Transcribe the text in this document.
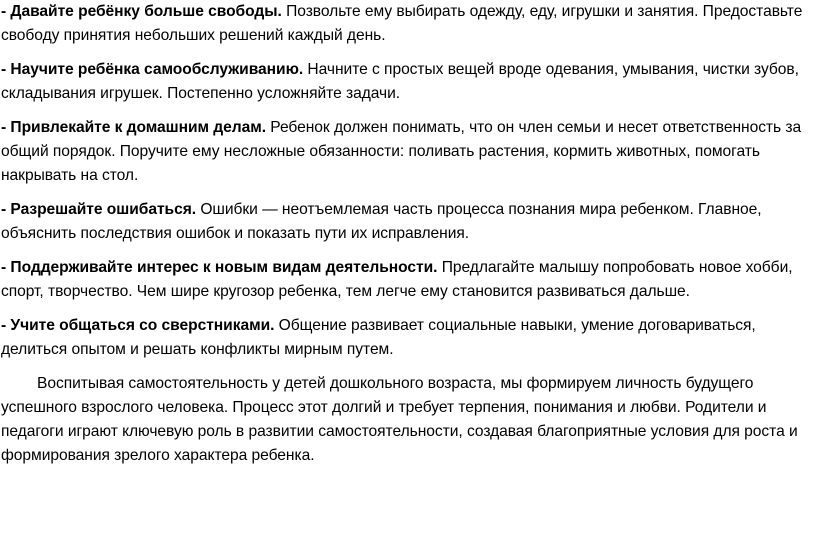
- Давайте ребёнку больше свободы. Позвольте ему выбирать одежду, еду, игрушки и занятия. Предоставьте свободу принятия небольших решений каждый день.

- Научите ребёнка самообслуживанию. Начните с простых вещей вроде одевания, умывания, чистки зубов, складывания игрушек. Постепенно усложняйте задачи.

- Привлекайте к домашним делам. Ребенок должен понимать, что он член семьи и несет ответственность за общий порядок. Поручите ему несложные обязанности: поливать растения, кормить животных, помогать накрывать на стол.

- Разрешайте ошибаться. Ошибки — неотъемлемая часть процесса познания мира ребенком. Главное, объяснить последствия ошибок и показать пути их исправления.

- Поддерживайте интерес к новым видам деятельности. Предлагайте малышу попробовать новое хобби, спорт, творчество. Чем шире кругозор ребенка, тем легче ему становится развиваться дальше.

- Учите общаться со сверстниками. Общение развивает социальные навыки, умение договариваться, делиться опытом и решать конфликты мирным путем.

Воспитывая самостоятельность у детей дошкольного возраста, мы формируем личность будущего успешного взрослого человека. Процесс этот долгий и требует терпения, понимания и любви. Родители и педагоги играют ключевую роль в развитии самостоятельности, создавая благоприятные условия для роста и формирования зрелого характера ребенка.
